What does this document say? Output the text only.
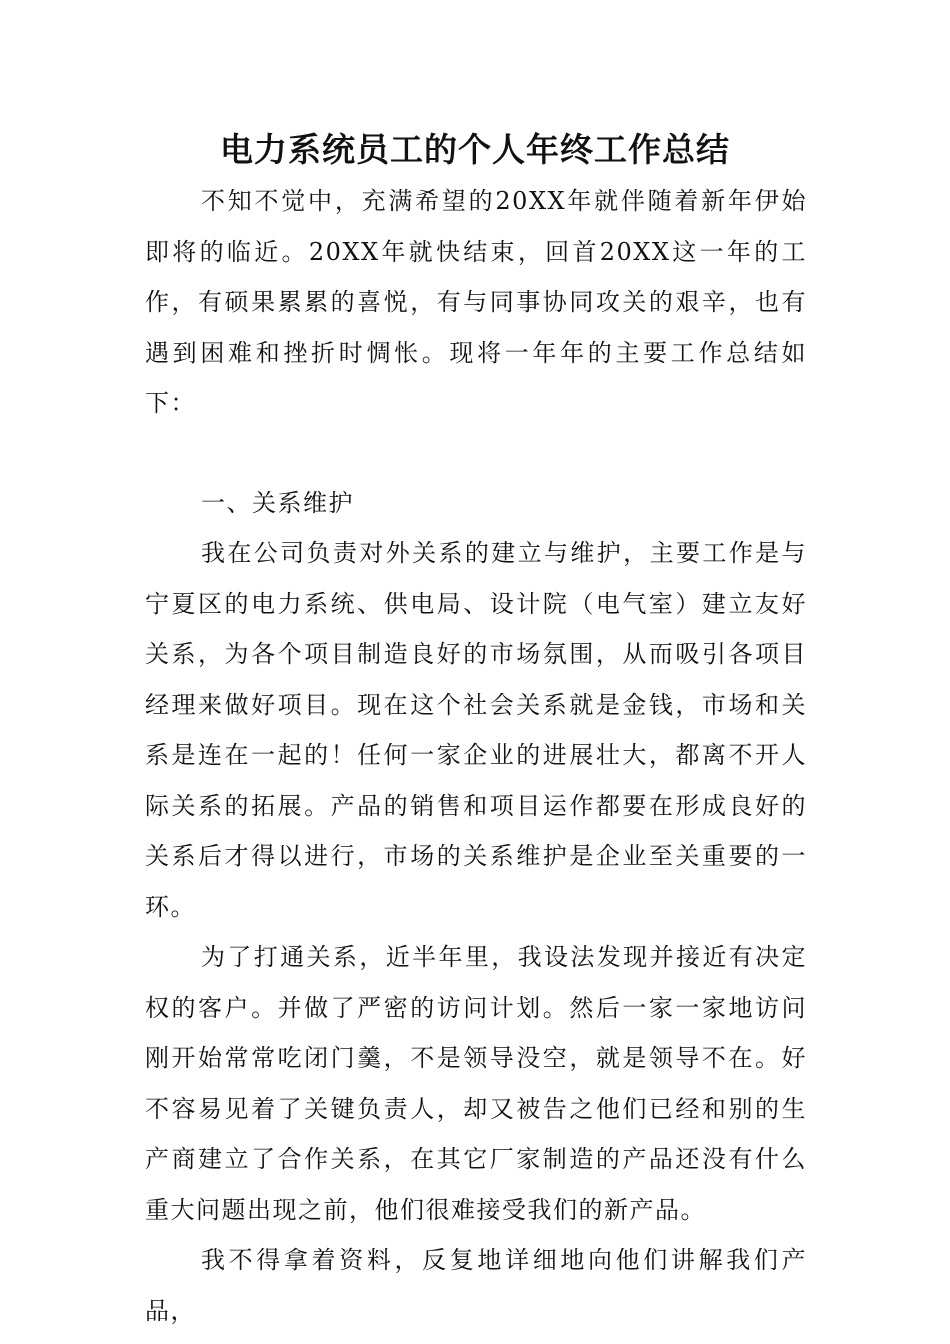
电力系统员工的个人年终工作总结

不知不觉中，充满希望的20XX年就伴随着新年伊始即将的临近。20XX年就快结束，回首20XX这一年的工作，有硕果累累的喜悦，有与同事协同攻关的艰辛，也有遇到困难和挫折时惆怅。现将一年年的主要工作总结如下：

一、关系维护

我在公司负责对外关系的建立与维护，主要工作是与宁夏区的电力系统、供电局、设计院（电气室）建立友好关系，为各个项目制造良好的市场氛围，从而吸引各项目经理来做好项目。现在这个社会关系就是金钱，市场和关系是连在一起的！任何一家企业的进展壮大，都离不开人际关系的拓展。产品的销售和项目运作都要在形成良好的关系后才得以进行，市场的关系维护是企业至关重要的一环。

为了打通关系，近半年里，我设法发现并接近有决定权的客户。并做了严密的访问计划。然后一家一家地访问刚开始常常吃闭门羹，不是领导没空，就是领导不在。好不容易见着了关键负责人，却又被告之他们已经和别的生产商建立了合作关系，在其它厂家制造的产品还没有什么重大问题出现之前，他们很难接受我们的新产品。

我不得拿着资料，反复地详细地向他们讲解我们产品，
